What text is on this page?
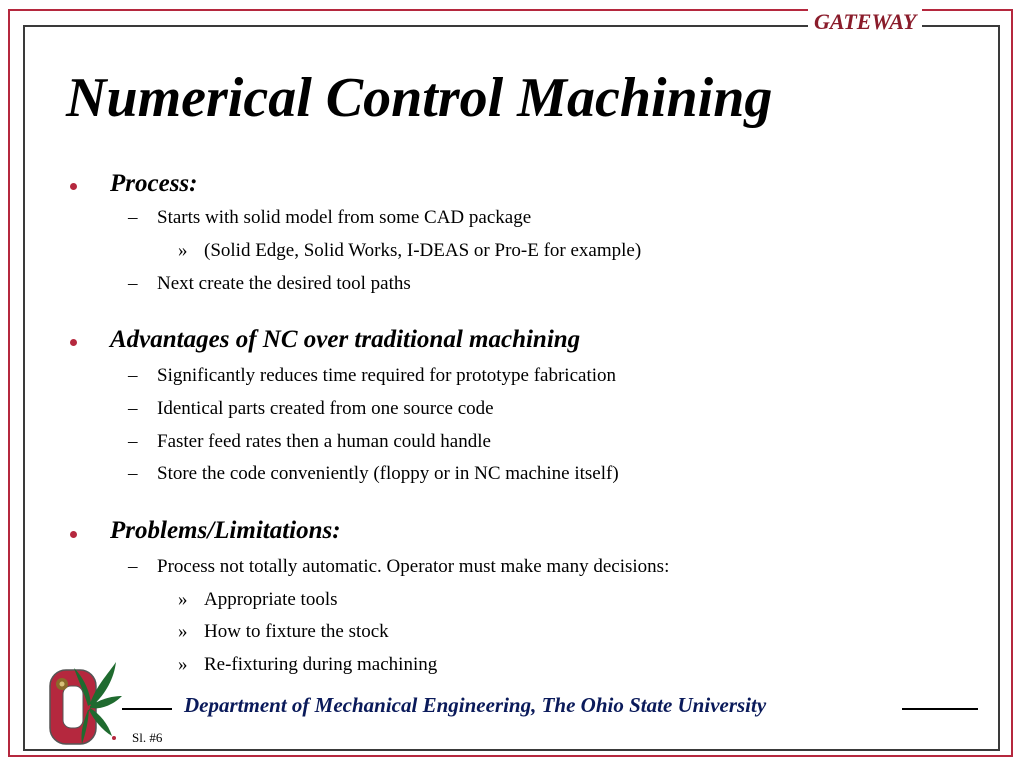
GATEWAY
Numerical Control Machining
Process:
– Starts with solid model from some CAD package
» (Solid Edge, Solid Works, I-DEAS or Pro-E for example)
– Next create the desired tool paths
Advantages of NC over traditional machining
– Significantly reduces time required for prototype fabrication
– Identical parts created from one source code
– Faster feed rates then a human could handle
– Store the code conveniently (floppy or in NC machine itself)
Problems/Limitations:
– Process not totally automatic. Operator must make many decisions:
» Appropriate tools
» How to fixture the stock
» Re-fixturing during machining
Department of Mechanical Engineering, The Ohio State University
Sl. #6
